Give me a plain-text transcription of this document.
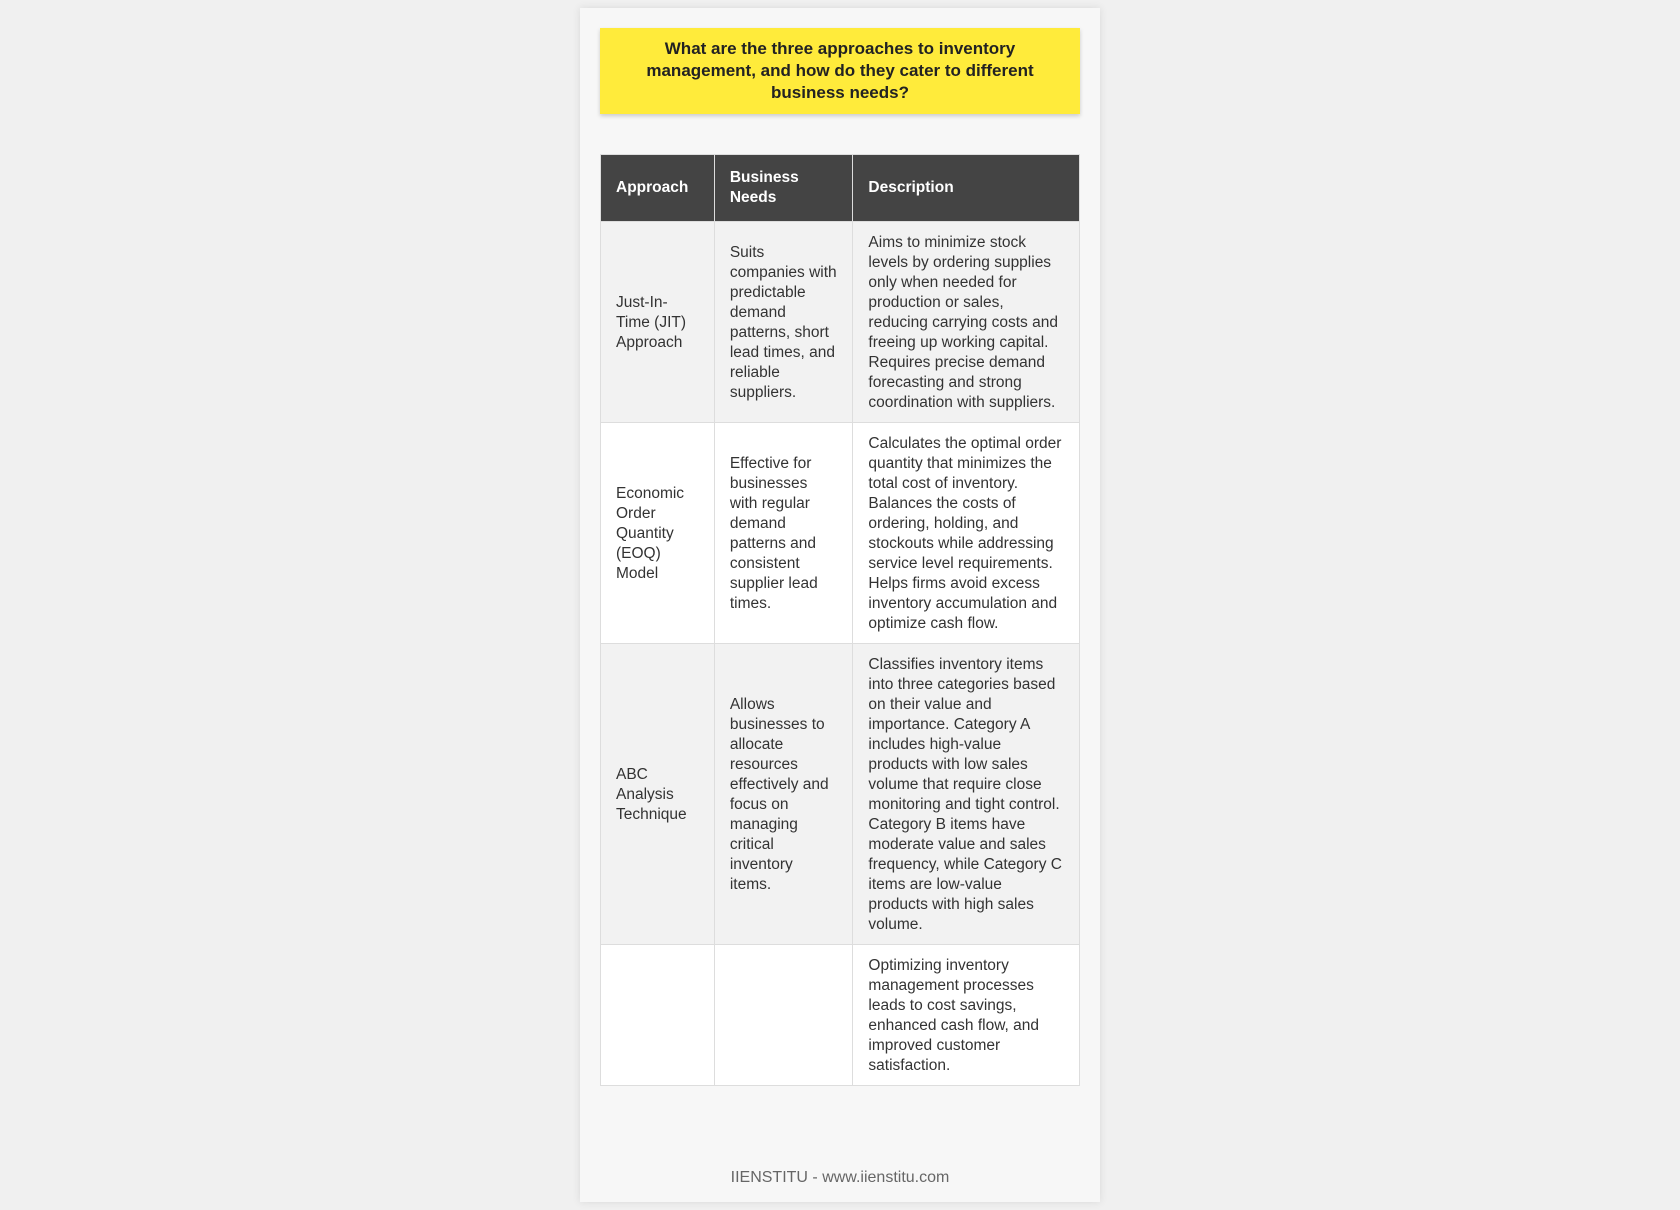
What are the three approaches to inventory management, and how do they cater to different business needs?
Approach	Business Needs	Description
Just-In-Time (JIT) Approach	Suits companies with predictable demand patterns, short lead times, and reliable suppliers.	Aims to minimize stock levels by ordering supplies only when needed for production or sales, reducing carrying costs and freeing up working capital. Requires precise demand forecasting and strong coordination with suppliers.
Economic Order Quantity (EOQ) Model	Effective for businesses with regular demand patterns and consistent supplier lead times.	Calculates the optimal order quantity that minimizes the total cost of inventory. Balances the costs of ordering, holding, and stockouts while addressing service level requirements. Helps firms avoid excess inventory accumulation and optimize cash flow.
ABC Analysis Technique	Allows businesses to allocate resources effectively and focus on managing critical inventory items.	Classifies inventory items into three categories based on their value and importance. Category A includes high-value products with low sales volume that require close monitoring and tight control. Category B items have moderate value and sales frequency, while Category C items are low-value products with high sales volume.
		Optimizing inventory management processes leads to cost savings, enhanced cash flow, and improved customer satisfaction.
IIENSTITU - www.iienstitu.com
